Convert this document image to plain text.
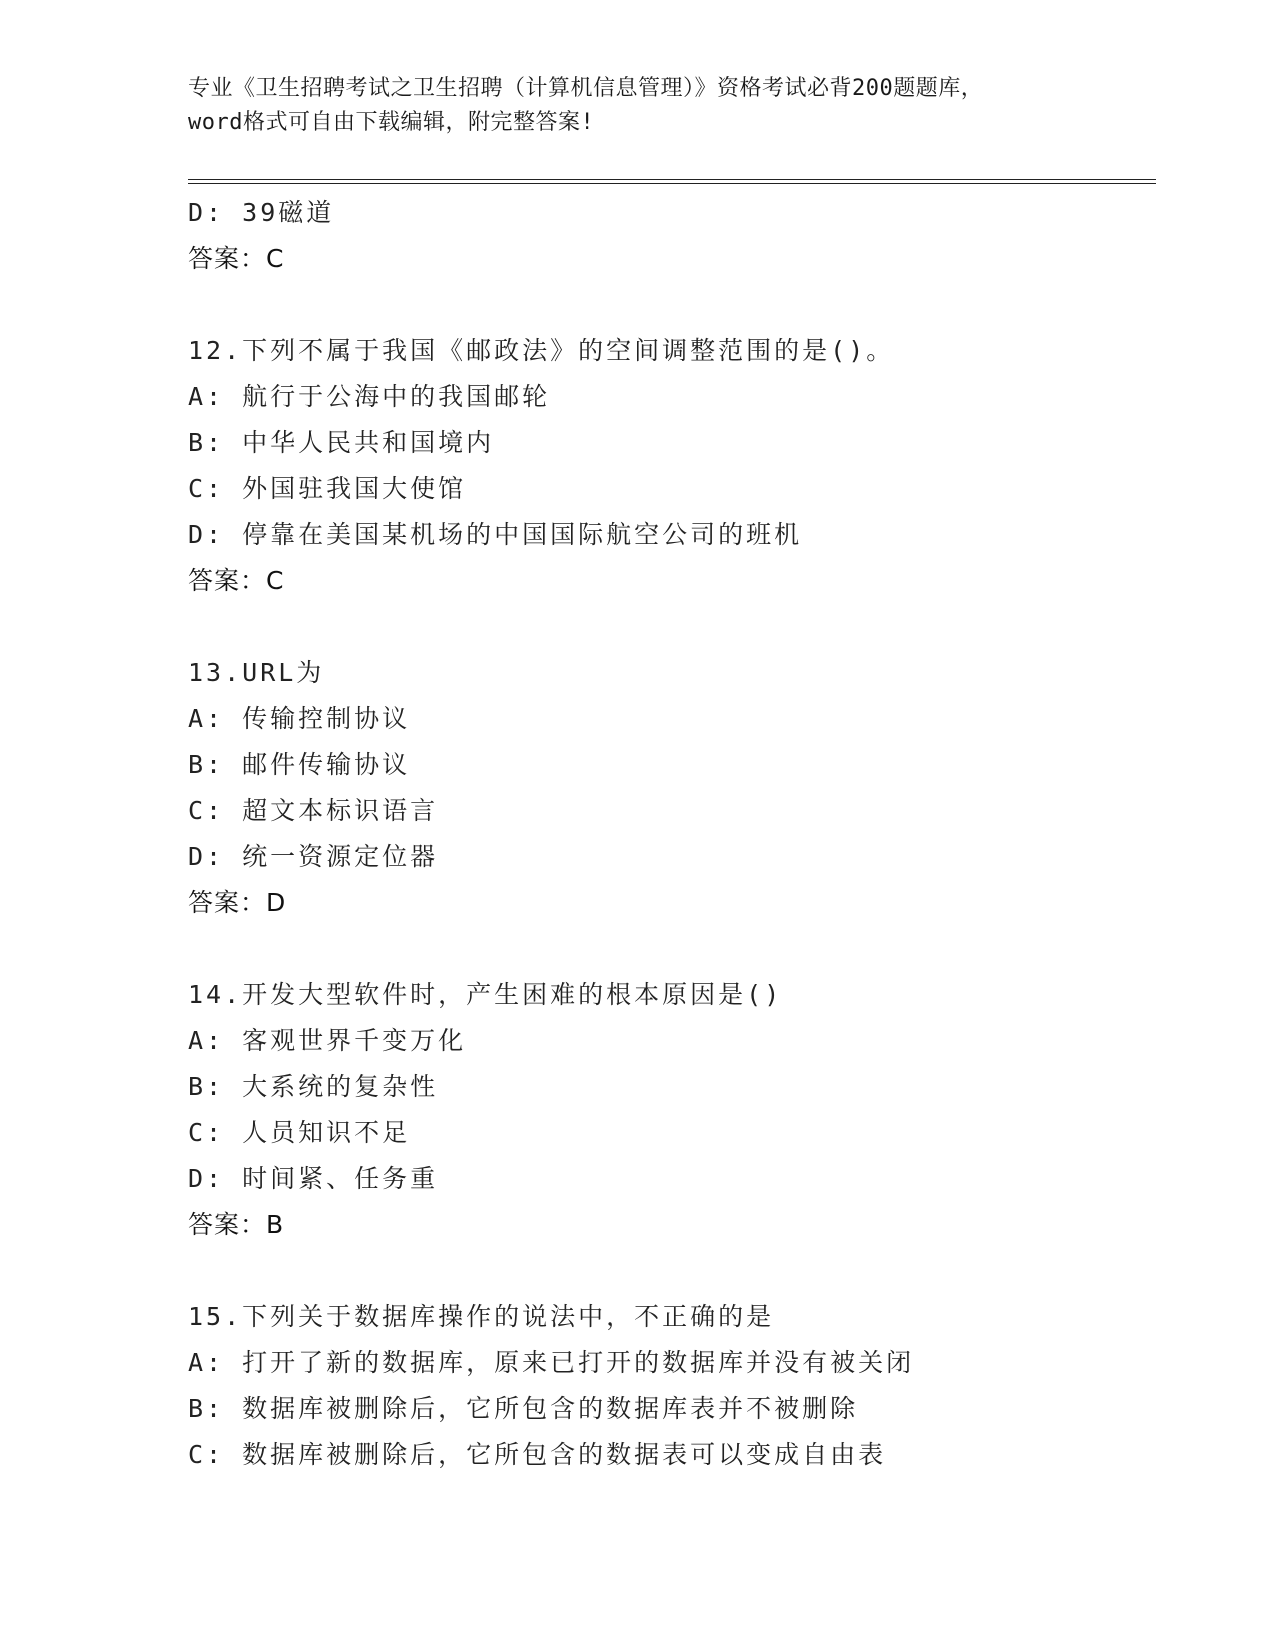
专业《卫生招聘考试之卫生招聘（计算机信息管理）》资格考试必背200题题库，
word格式可自由下载编辑，附完整答案!
D: 39磁道
答案：C
12.下列不属于我国《邮政法》的空间调整范围的是()。
A: 航行于公海中的我国邮轮
B: 中华人民共和国境内
C: 外国驻我国大使馆
D: 停靠在美国某机场的中国国际航空公司的班机
答案：C
13.URL为
A: 传输控制协议
B: 邮件传输协议
C: 超文本标识语言
D: 统一资源定位器
答案：D
14.开发大型软件时，产生困难的根本原因是()
A: 客观世界千变万化
B: 大系统的复杂性
C: 人员知识不足
D: 时间紧、任务重
答案：B
15.下列关于数据库操作的说法中，不正确的是
A: 打开了新的数据库，原来已打开的数据库并没有被关闭
B: 数据库被删除后，它所包含的数据库表并不被删除
C: 数据库被删除后，它所包含的数据表可以变成自由表
